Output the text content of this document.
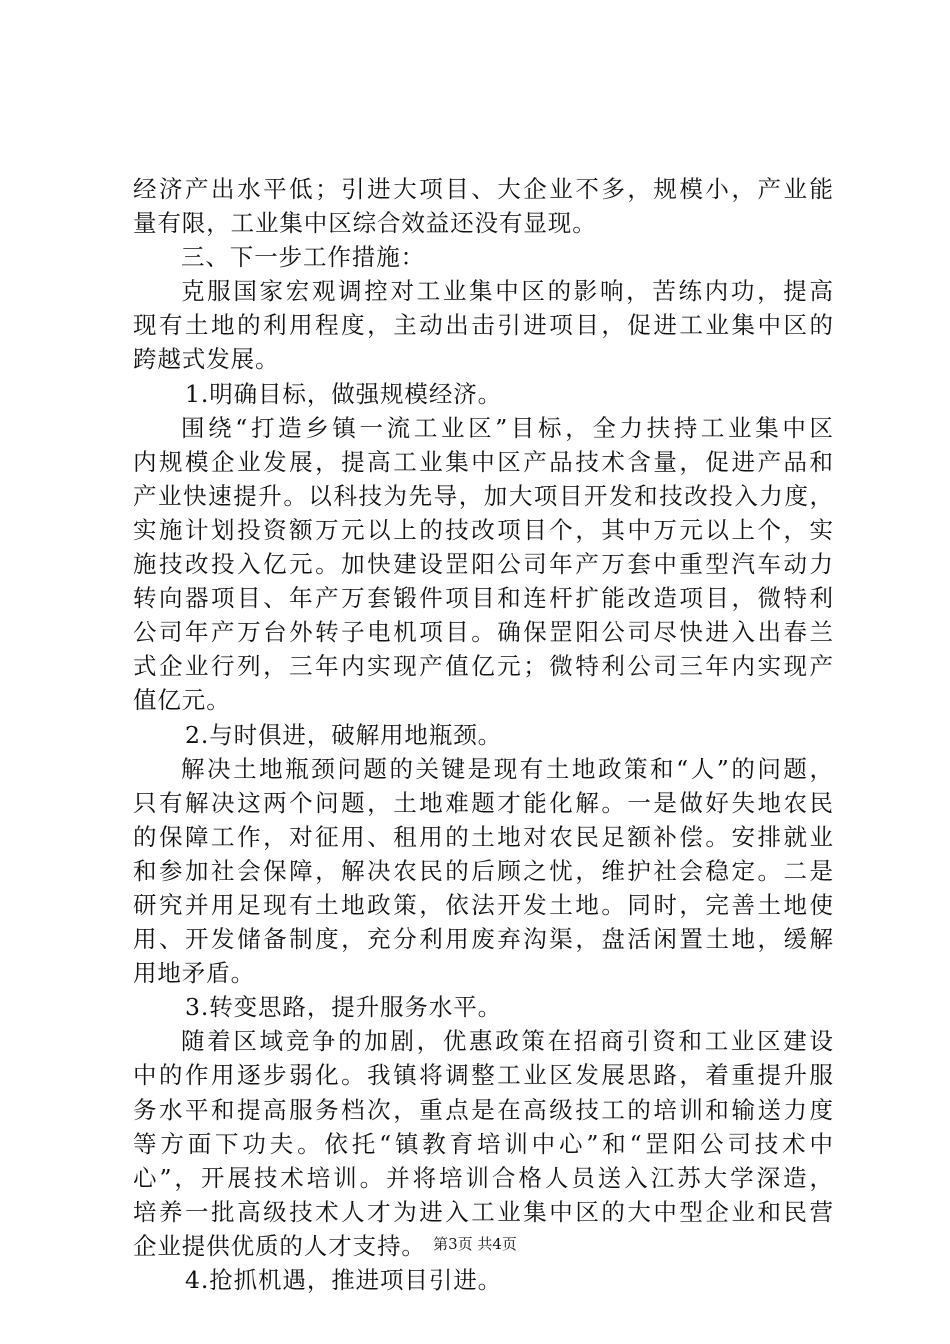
经济产出水平低；引进大项目、大企业不多，规模小，产业能
量有限，工业集中区综合效益还没有显现。
三、下一步工作措施：
克服国家宏观调控对工业集中区的影响，苦练内功，提高
现有土地的利用程度，主动出击引进项目，促进工业集中区的
跨越式发展。
1.明确目标，做强规模经济。
围绕“打造乡镇一流工业区”目标，全力扶持工业集中区
内规模企业发展，提高工业集中区产品技术含量，促进产品和
产业快速提升。以科技为先导，加大项目开发和技改投入力度，
实施计划投资额万元以上的技改项目个，其中万元以上个，实
施技改投入亿元。加快建设罡阳公司年产万套中重型汽车动力
转向器项目、年产万套锻件项目和连杆扩能改造项目，微特利
公司年产万台外转子电机项目。确保罡阳公司尽快进入出春兰
式企业行列，三年内实现产值亿元；微特利公司三年内实现产
值亿元。
2.与时俱进，破解用地瓶颈。
解决土地瓶颈问题的关键是现有土地政策和“人”的问题，
只有解决这两个问题，土地难题才能化解。一是做好失地农民
的保障工作，对征用、租用的土地对农民足额补偿。安排就业
和参加社会保障，解决农民的后顾之忧，维护社会稳定。二是
研究并用足现有土地政策，依法开发土地。同时，完善土地使
用、开发储备制度，充分利用废弃沟渠，盘活闲置土地，缓解
用地矛盾。
3.转变思路，提升服务水平。
随着区域竞争的加剧，优惠政策在招商引资和工业区建设
中的作用逐步弱化。我镇将调整工业区发展思路，着重提升服
务水平和提高服务档次，重点是在高级技工的培训和输送力度
等方面下功夫。依托“镇教育培训中心”和“罡阳公司技术中
心”，开展技术培训。并将培训合格人员送入江苏大学深造，
培养一批高级技术人才为进入工业集中区的大中型企业和民营
企业提供优质的人才支持。
4.抢抓机遇，推进项目引进。
第3页 共4页
